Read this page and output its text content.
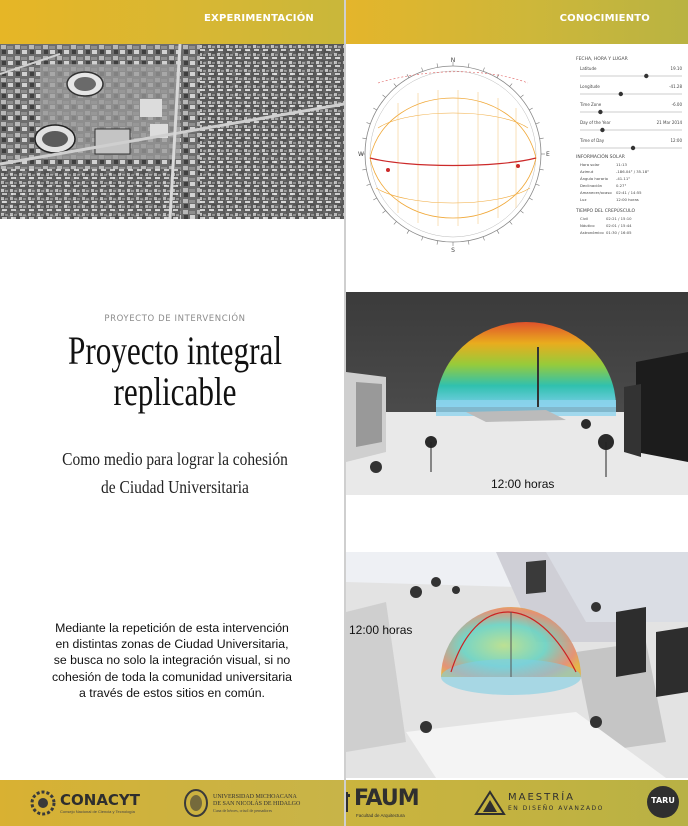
EXPERIMENTACIÓN
PROYECTO DE INTERVENCIÓN
Proyecto integral
replicable
Como medio para lograr la cohesión
de Ciudad Universitaria
Mediante la repetición de esta intervención
en distintas zonas de Ciudad Universitaria,
se busca no solo la integración visual, si no
cohesión de toda la comunidad universitaria
a través de estos sitios en común.
CONACYT
Consejo Nacional de Ciencia y Tecnología
UNIVERSIDAD MICHOACANA
DE SAN NICOLÁS DE HIDALGO
Cuna de héroes, crisol de pensadores
CONOCIMIENTO
N
S
E
W
FECHA, HORA Y LUGAR
Latitude	19.10
Longitude	-41.28
Time Zone	-6.00
Day of the Year	21 Mar 2014
Time of Day	12:00
INFORMACIÓN SOLAR
Hora solar	11:13
Azimut	-186.04° / 35.18°
Ángulo horario -41.11°
Declinación	0.27°
Amanecer/ocaso 02:41 / 14:55
Luz	12:00 horas
TIEMPO DEL CREPÚSCULO
Civil	02:21 / 15:10
Náutico	02:01 / 15:44
Astronómico 01:30 / 16:05
12:00 horas
12:00 horas
FAUM
Facultad de Arquitectura
MAESTRÍA
EN DISEÑO AVANZADO
TARU
